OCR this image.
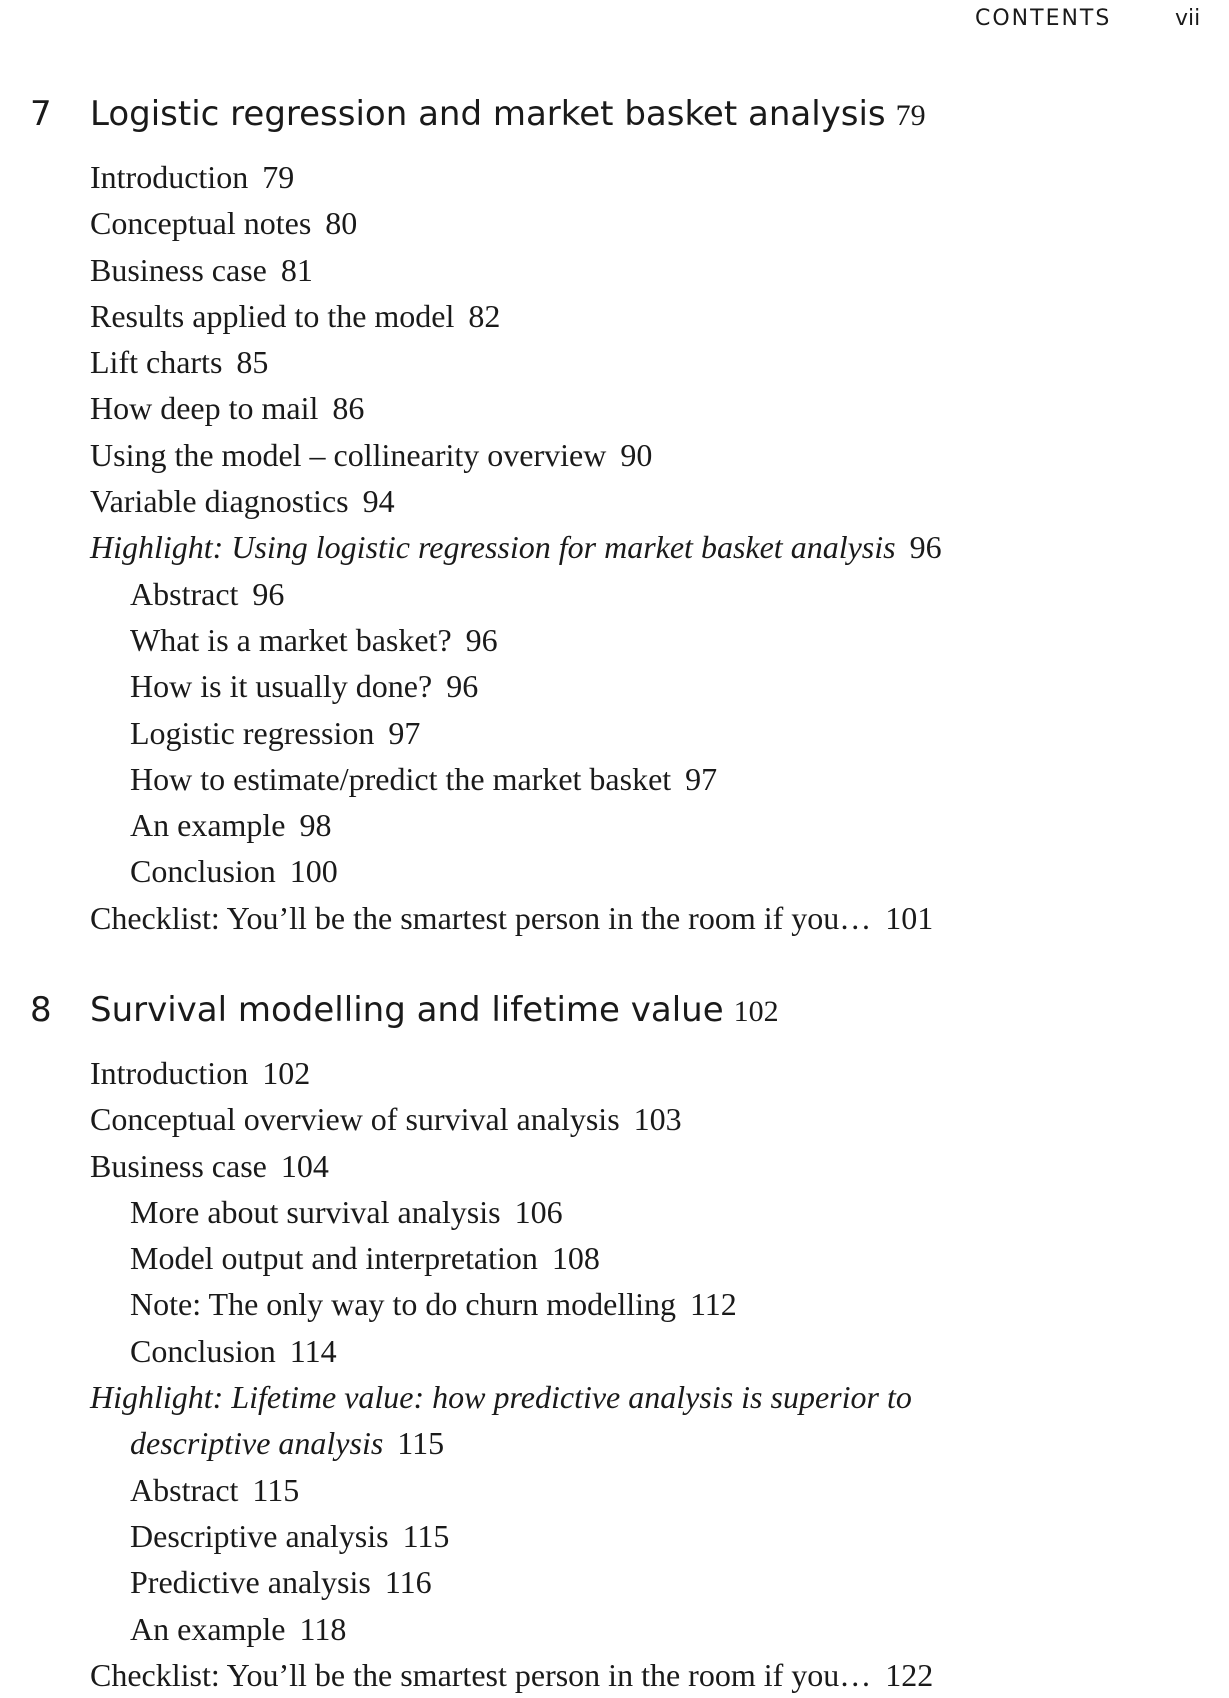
CONTENTS	vii
7 Logistic regression and market basket analysis 79
Introduction 79
Conceptual notes 80
Business case 81
Results applied to the model 82
Lift charts 85
How deep to mail 86
Using the model – collinearity overview 90
Variable diagnostics 94
Highlight: Using logistic regression for market basket analysis 96
Abstract 96
What is a market basket? 96
How is it usually done? 96
Logistic regression 97
How to estimate/predict the market basket 97
An example 98
Conclusion 100
Checklist: You’ll be the smartest person in the room if you… 101
8 Survival modelling and lifetime value 102
Introduction 102
Conceptual overview of survival analysis 103
Business case 104
More about survival analysis 106
Model output and interpretation 108
Note: The only way to do churn modelling 112
Conclusion 114
Highlight: Lifetime value: how predictive analysis is superior to
descriptive analysis 115
Abstract 115
Descriptive analysis 115
Predictive analysis 116
An example 118
Checklist: You’ll be the smartest person in the room if you… 122
